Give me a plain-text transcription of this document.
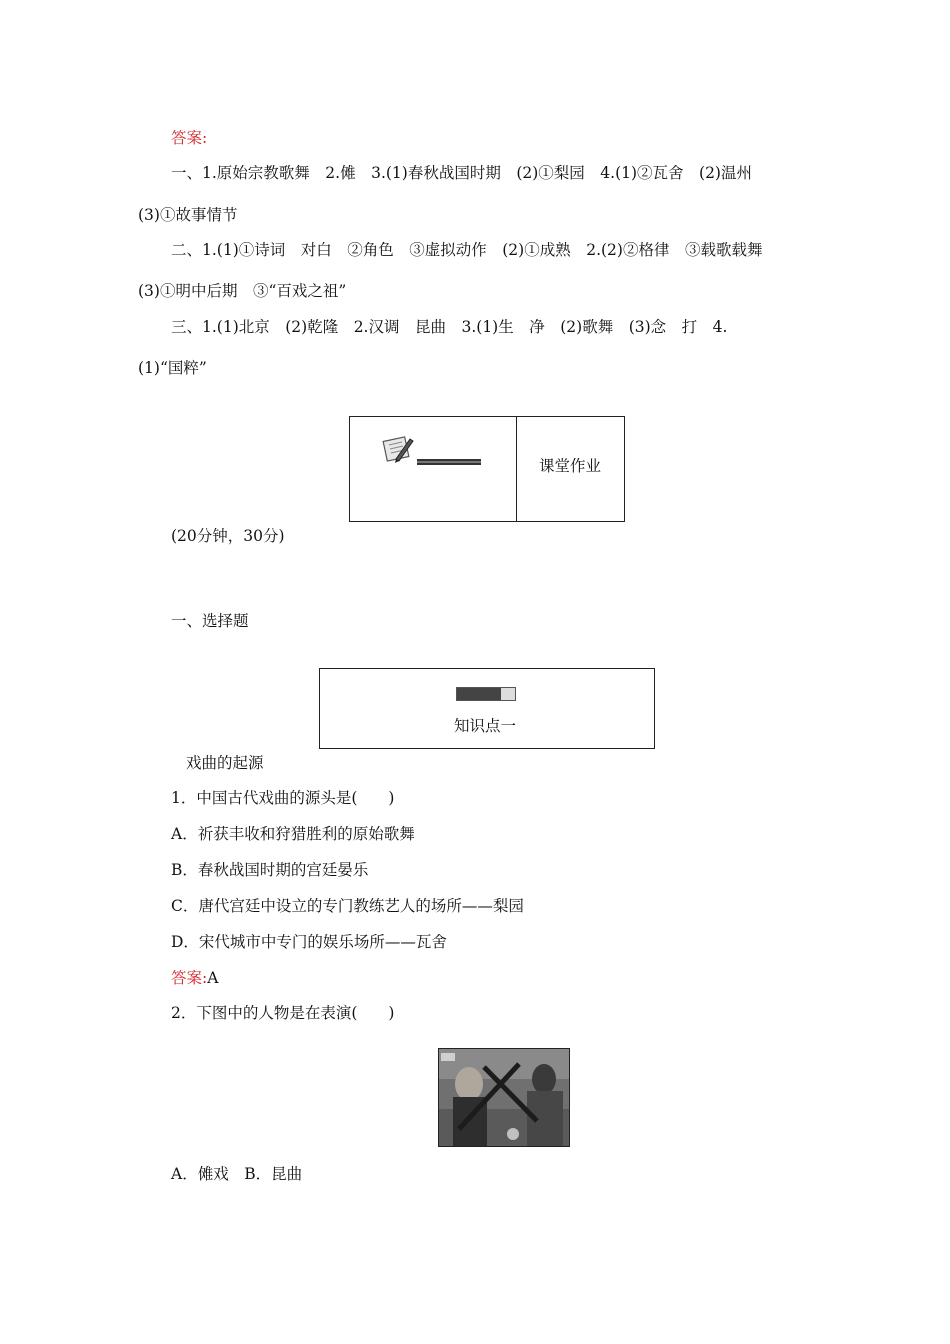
答案:
一、1.原始宗教歌舞　2.傩　3.(1)春秋战国时期　(2)①梨园　4.(1)②瓦舍　(2)温州
(3)①故事情节
二、1.(1)①诗词　对白　②角色　③虚拟动作　(2)①成熟　2.(2)②格律　③载歌载舞
(3)①明中后期　③“百戏之祖”
三、1.(1)北京　(2)乾隆　2.汉调　昆曲　3.(1)生　净　(2)歌舞　(3)念　打　4.
(1)“国粹”
课堂作业
(20分钟，30分)
一、选择题
知识点一
戏曲的起源
1．中国古代戏曲的源头是(　　)
A．祈获丰收和狩猎胜利的原始歌舞
B．春秋战国时期的宫廷晏乐
C．唐代宫廷中设立的专门教练艺人的场所——梨园
D．宋代城市中专门的娱乐场所——瓦舍
答案:A
2．下图中的人物是在表演(　　)
A．傩戏　B．昆曲
